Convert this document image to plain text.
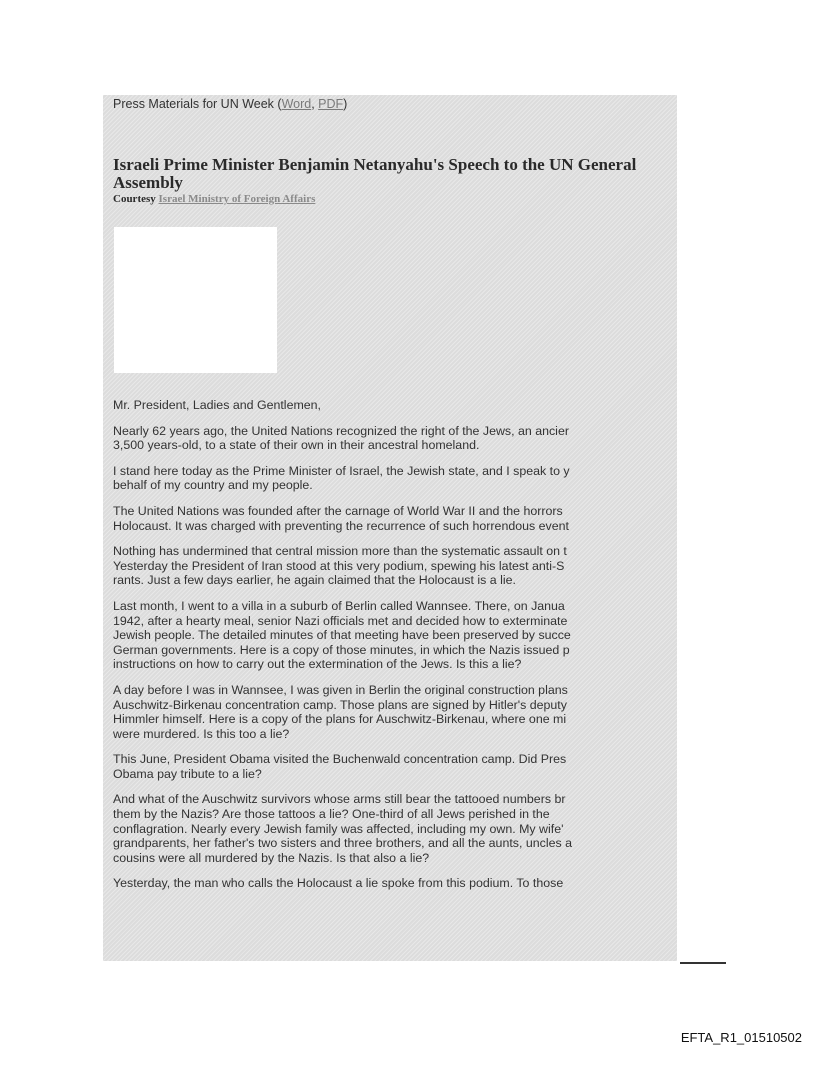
Press Materials for UN Week (Word, PDF)
Israeli Prime Minister Benjamin Netanyahu's Speech to the UN General Assembly
Courtesy Israel Ministry of Foreign Affairs

Mr. President, Ladies and Gentlemen,

Nearly 62 years ago, the United Nations recognized the right of the Jews, an ancier
3,500 years-old, to a state of their own in their ancestral homeland.

I stand here today as the Prime Minister of Israel, the Jewish state, and I speak to y
behalf of my country and my people.

The United Nations was founded after the carnage of World War II and the horrors
Holocaust. It was charged with preventing the recurrence of such horrendous event

Nothing has undermined that central mission more than the systematic assault on t
Yesterday the President of Iran stood at this very podium, spewing his latest anti-S
rants. Just a few days earlier, he again claimed that the Holocaust is a lie.

Last month, I went to a villa in a suburb of Berlin called Wannsee. There, on Janua
1942, after a hearty meal, senior Nazi officials met and decided how to exterminate
Jewish people. The detailed minutes of that meeting have been preserved by succe
German governments. Here is a copy of those minutes, in which the Nazis issued p
instructions on how to carry out the extermination of the Jews. Is this a lie?

A day before I was in Wannsee, I was given in Berlin the original construction plans
Auschwitz-Birkenau concentration camp. Those plans are signed by Hitler's deputy
Himmler himself. Here is a copy of the plans for Auschwitz-Birkenau, where one mi
were murdered. Is this too a lie?

This June, President Obama visited the Buchenwald concentration camp. Did Pres
Obama pay tribute to a lie?

And what of the Auschwitz survivors whose arms still bear the tattooed numbers br
them by the Nazis? Are those tattoos a lie? One-third of all Jews perished in the
conflagration. Nearly every Jewish family was affected, including my own. My wife'
grandparents, her father's two sisters and three brothers, and all the aunts, uncles a
cousins were all murdered by the Nazis. Is that also a lie?

Yesterday, the man who calls the Holocaust a lie spoke from this podium. To those

EFTA_R1_01510502
